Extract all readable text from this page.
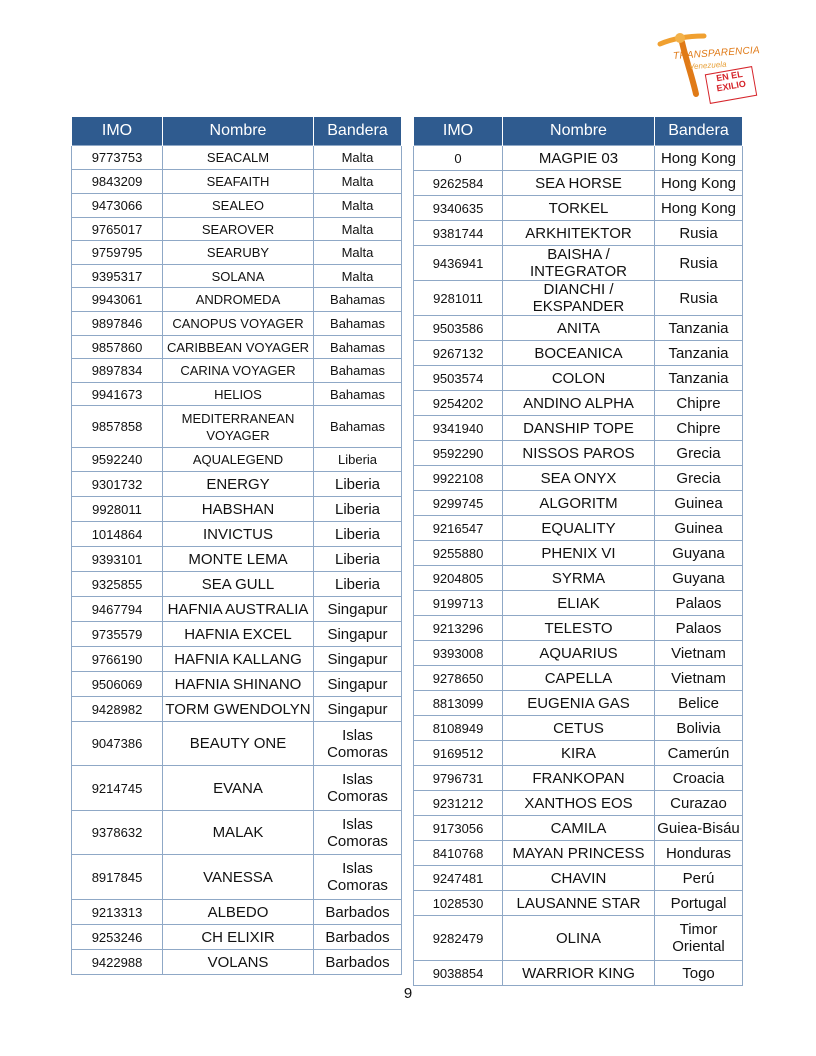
TRANSPARENCIA
Venezuela
EN EL EXILIO
IMO	Nombre	Bandera
9773753	SEACALM	Malta
9843209	SEAFAITH	Malta
9473066	SEALEO	Malta
9765017	SEAROVER	Malta
9759795	SEARUBY	Malta
9395317	SOLANA	Malta
9943061	ANDROMEDA	Bahamas
9897846	CANOPUS VOYAGER	Bahamas
9857860	CARIBBEAN VOYAGER	Bahamas
9897834	CARINA VOYAGER	Bahamas
9941673	HELIOS	Bahamas
9857858	MEDITERRANEAN VOYAGER	Bahamas
9592240	AQUALEGEND	Liberia
9301732	ENERGY	Liberia
9928011	HABSHAN	Liberia
1014864	INVICTUS	Liberia
9393101	MONTE LEMA	Liberia
9325855	SEA GULL	Liberia
9467794	HAFNIA AUSTRALIA	Singapur
9735579	HAFNIA EXCEL	Singapur
9766190	HAFNIA KALLANG	Singapur
9506069	HAFNIA SHINANO	Singapur
9428982	TORM GWENDOLYN	Singapur
9047386	BEAUTY ONE	Islas Comoras
9214745	EVANA	Islas Comoras
9378632	MALAK	Islas Comoras
8917845	VANESSA	Islas Comoras
9213313	ALBEDO	Barbados
9253246	CH ELIXIR	Barbados
9422988	VOLANS	Barbados
IMO	Nombre	Bandera
0	MAGPIE 03	Hong Kong
9262584	SEA HORSE	Hong Kong
9340635	TORKEL	Hong Kong
9381744	ARKHITEKTOR	Rusia
9436941	BAISHA / INTEGRATOR	Rusia
9281011	DIANCHI / EKSPANDER	Rusia
9503586	ANITA	Tanzania
9267132	BOCEANICA	Tanzania
9503574	COLON	Tanzania
9254202	ANDINO ALPHA	Chipre
9341940	DANSHIP TOPE	Chipre
9592290	NISSOS PAROS	Grecia
9922108	SEA ONYX	Grecia
9299745	ALGORITM	Guinea
9216547	EQUALITY	Guinea
9255880	PHENIX VI	Guyana
9204805	SYRMA	Guyana
9199713	ELIAK	Palaos
9213296	TELESTO	Palaos
9393008	AQUARIUS	Vietnam
9278650	CAPELLA	Vietnam
8813099	EUGENIA GAS	Belice
8108949	CETUS	Bolivia
9169512	KIRA	Camerún
9796731	FRANKOPAN	Croacia
9231212	XANTHOS EOS	Curazao
9173056	CAMILA	Guiea-Bisáu
8410768	MAYAN PRINCESS	Honduras
9247481	CHAVIN	Perú
1028530	LAUSANNE STAR	Portugal
9282479	OLINA	Timor Oriental
9038854	WARRIOR KING	Togo
9
